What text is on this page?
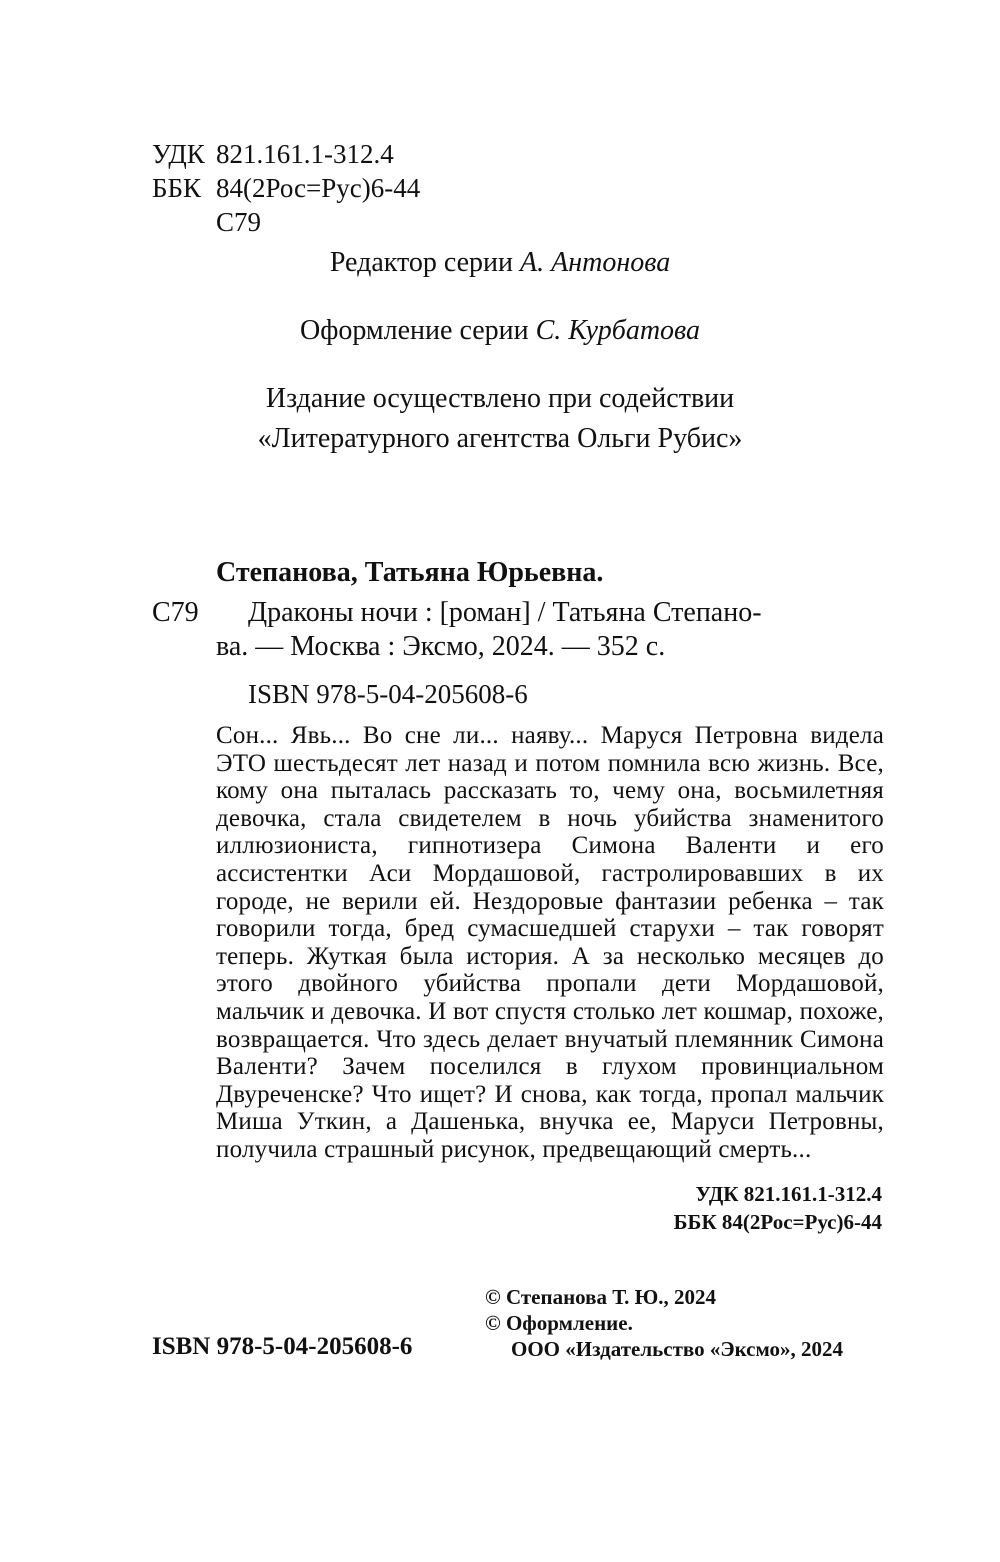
УДК 821.161.1-312.4
ББК 84(2Рос=Рус)6-44
С79
Редактор серии А. Антонова
Оформление серии С. Курбатова
Издание осуществлено при содействии
«Литературного агентства Ольги Рубис»
Степанова, Татьяна Юрьевна.
С79 Драконы ночи : [роман] / Татьяна Степано-
ва. — Москва : Эксмо, 2024. — 352 с.
ISBN 978-5-04-205608-6
Сон... Явь... Во сне ли... наяву... Маруся Петровна видела ЭТО шестьдесят лет назад и потом помнила всю жизнь. Все, кому она пыталась рассказать то, чему она, восьмилетняя девочка, стала свидетелем в ночь убийства знаменитого иллюзиониста, гипнотизера Симона Валенти и его ассистентки Аси Мордашовой, гастролировавших в их городе, не верили ей. Нездоровые фантазии ребенка – так говорили тогда, бред сумасшедшей старухи – так говорят теперь. Жуткая была история. А за несколько месяцев до этого двойного убийства пропали дети Мордашовой, мальчик и девочка. И вот спустя столько лет кошмар, похоже, возвращается. Что здесь делает внучатый племянник Симона Валенти? Зачем поселился в глухом провинциальном Двуреченске? Что ищет? И снова, как тогда, пропал мальчик Миша Уткин, а Дашенька, внучка ее, Маруси Петровны, получила страшный рисунок, предвещающий смерть...
УДК 821.161.1-312.4
ББК 84(2Рос=Рус)6-44
© Степанова Т. Ю., 2024
© Оформление.
ООО «Издательство «Эксмо», 2024
ISBN 978-5-04-205608-6
